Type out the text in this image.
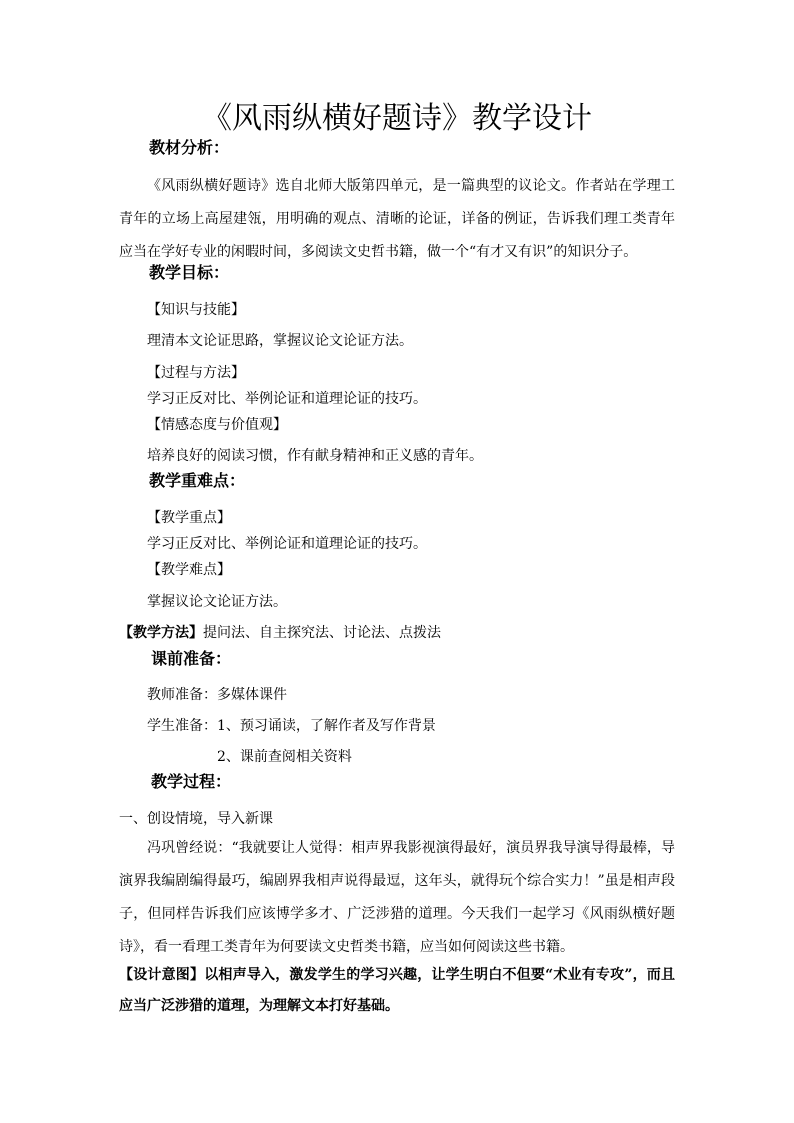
《风雨纵横好题诗》教学设计
教材分析：
《风雨纵横好题诗》选自北师大版第四单元，是一篇典型的议论文。作者站在学理工青年的立场上高屋建瓴，用明确的观点、清晰的论证，详备的例证，告诉我们理工类青年应当在学好专业的闲暇时间，多阅读文史哲书籍，做一个“有才又有识”的知识分子。
教学目标：
【知识与技能】
理清本文论证思路，掌握议论文论证方法。
【过程与方法】
学习正反对比、举例论证和道理论证的技巧。
【情感态度与价值观】
培养良好的阅读习惯，作有献身精神和正义感的青年。
教学重难点：
【教学重点】
学习正反对比、举例论证和道理论证的技巧。
【教学难点】
掌握议论文论证方法。
【教学方法】提问法、自主探究法、讨论法、点拨法
课前准备：
教师准备：多媒体课件
学生准备：1、预习诵读，了解作者及写作背景
2、课前查阅相关资料
教学过程：
一、创设情境，导入新课
冯巩曾经说：“我就要让人觉得：相声界我影视演得最好，演员界我导演导得最棒，导演界我编剧编得最巧，编剧界我相声说得最逗，这年头，就得玩个综合实力！”虽是相声段子，但同样告诉我们应该博学多才、广泛涉猎的道理。今天我们一起学习《风雨纵横好题诗》，看一看理工类青年为何要读文史哲类书籍，应当如何阅读这些书籍。
【设计意图】以相声导入，激发学生的学习兴趣，让学生明白不但要“术业有专攻”，而且应当广泛涉猎的道理，为理解文本打好基础。
